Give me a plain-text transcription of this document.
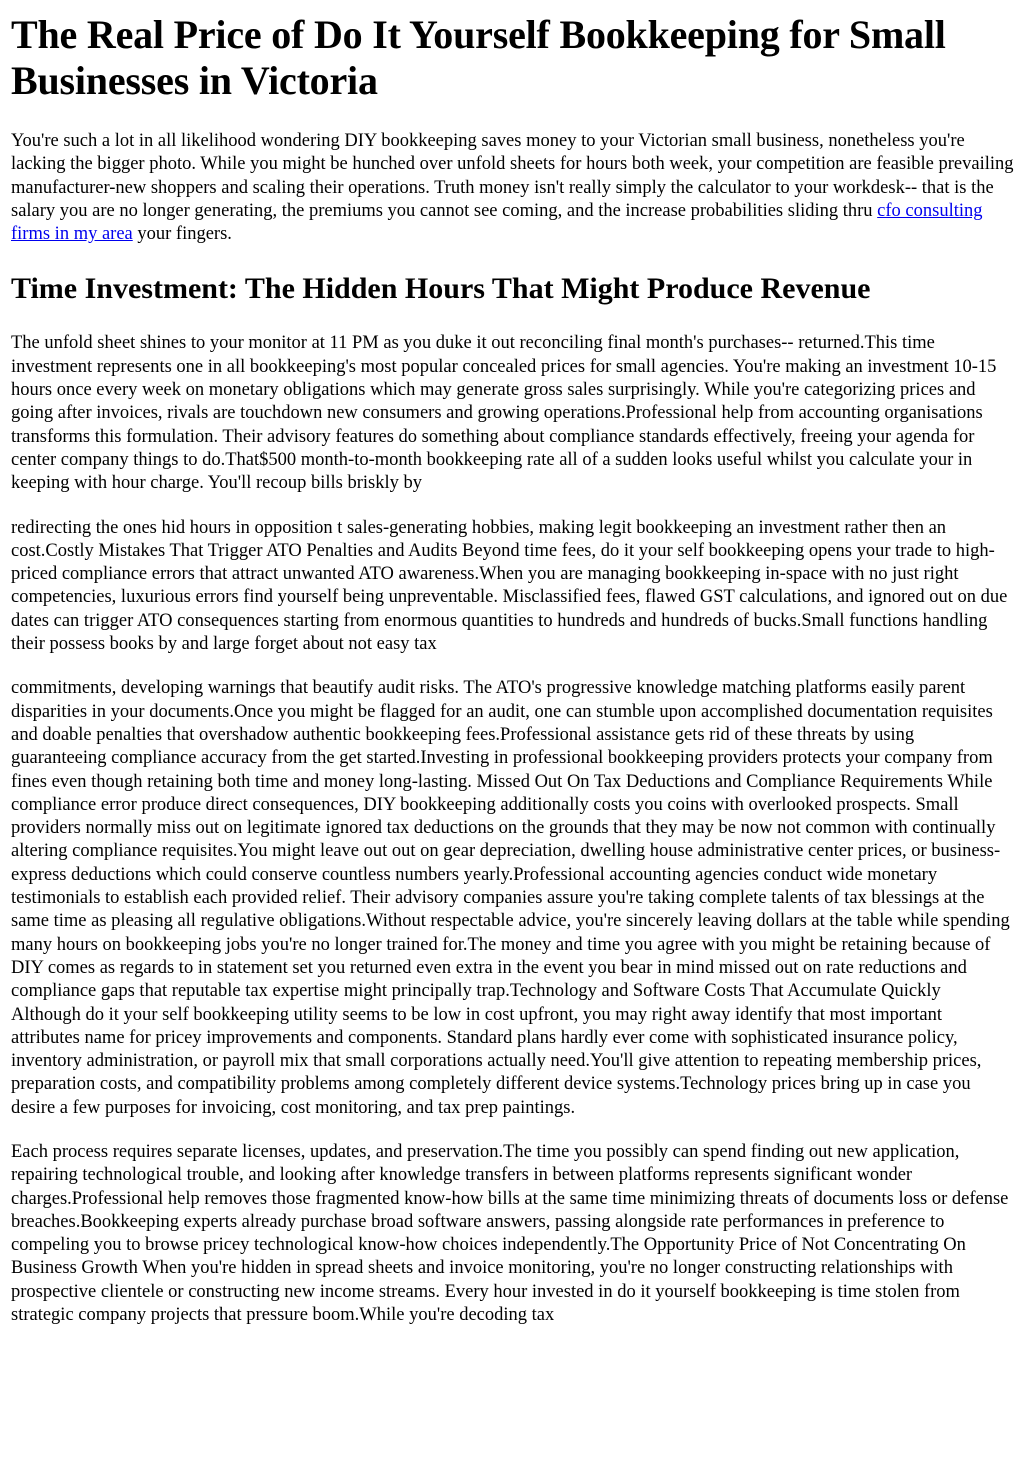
The Real Price of Do It Yourself Bookkeeping for Small Businesses in Victoria

You're such a lot in all likelihood wondering DIY bookkeeping saves money to your Victorian small business, nonetheless you're lacking the bigger photo. While you might be hunched over unfold sheets for hours both week, your competition are feasible prevailing manufacturer-new shoppers and scaling their operations. Truth money isn't really simply the calculator to your workdesk-- that is the salary you are no longer generating, the premiums you cannot see coming, and the increase probabilities sliding thru cfo consulting firms in my area your fingers.

Time Investment: The Hidden Hours That Might Produce Revenue

The unfold sheet shines to your monitor at 11 PM as you duke it out reconciling final month's purchases-- returned.This time investment represents one in all bookkeeping's most popular concealed prices for small agencies. You're making an investment 10-15 hours once every week on monetary obligations which may generate gross sales surprisingly. While you're categorizing prices and going after invoices, rivals are touchdown new consumers and growing operations.Professional help from accounting organisations transforms this formulation. Their advisory features do something about compliance standards effectively, freeing your agenda for center company things to do.That$500 month-to-month bookkeeping rate all of a sudden looks useful whilst you calculate your in keeping with hour charge. You'll recoup bills briskly by

redirecting the ones hid hours in opposition t sales-generating hobbies, making legit bookkeeping an investment rather then an cost.Costly Mistakes That Trigger ATO Penalties and Audits Beyond time fees, do it your self bookkeeping opens your trade to high-priced compliance errors that attract unwanted ATO awareness.When you are managing bookkeeping in-space with no just right competencies, luxurious errors find yourself being unpreventable. Misclassified fees, flawed GST calculations, and ignored out on due dates can trigger ATO consequences starting from enormous quantities to hundreds and hundreds of bucks.Small functions handling their possess books by and large forget about not easy tax

commitments, developing warnings that beautify audit risks. The ATO's progressive knowledge matching platforms easily parent disparities in your documents.Once you might be flagged for an audit, one can stumble upon accomplished documentation requisites and doable penalties that overshadow authentic bookkeeping fees.Professional assistance gets rid of these threats by using guaranteeing compliance accuracy from the get started.Investing in professional bookkeeping providers protects your company from fines even though retaining both time and money long-lasting. Missed Out On Tax Deductions and Compliance Requirements While compliance error produce direct consequences, DIY bookkeeping additionally costs you coins with overlooked prospects. Small providers normally miss out on legitimate ignored tax deductions on the grounds that they may be now not common with continually altering compliance requisites.You might leave out out on gear depreciation, dwelling house administrative center prices, or business-express deductions which could conserve countless numbers yearly.Professional accounting agencies conduct wide monetary testimonials to establish each provided relief. Their advisory companies assure you're taking complete talents of tax blessings at the same time as pleasing all regulative obligations.Without respectable advice, you're sincerely leaving dollars at the table while spending many hours on bookkeeping jobs you're no longer trained for.The money and time you agree with you might be retaining because of DIY comes as regards to in statement set you returned even extra in the event you bear in mind missed out on rate reductions and compliance gaps that reputable tax expertise might principally trap.Technology and Software Costs That Accumulate Quickly Although do it your self bookkeeping utility seems to be low in cost upfront, you may right away identify that most important attributes name for pricey improvements and components. Standard plans hardly ever come with sophisticated insurance policy, inventory administration, or payroll mix that small corporations actually need.You'll give attention to repeating membership prices, preparation costs, and compatibility problems among completely different device systems.Technology prices bring up in case you desire a few purposes for invoicing, cost monitoring, and tax prep paintings.

Each process requires separate licenses, updates, and preservation.The time you possibly can spend finding out new application, repairing technological trouble, and looking after knowledge transfers in between platforms represents significant wonder charges.Professional help removes those fragmented know-how bills at the same time minimizing threats of documents loss or defense breaches.Bookkeeping experts already purchase broad software answers, passing alongside rate performances in preference to compeling you to browse pricey technological know-how choices independently.The Opportunity Price of Not Concentrating On Business Growth When you're hidden in spread sheets and invoice monitoring, you're no longer constructing relationships with prospective clientele or constructing new income streams. Every hour invested in do it yourself bookkeeping is time stolen from strategic company projects that pressure boom.While you're decoding tax
